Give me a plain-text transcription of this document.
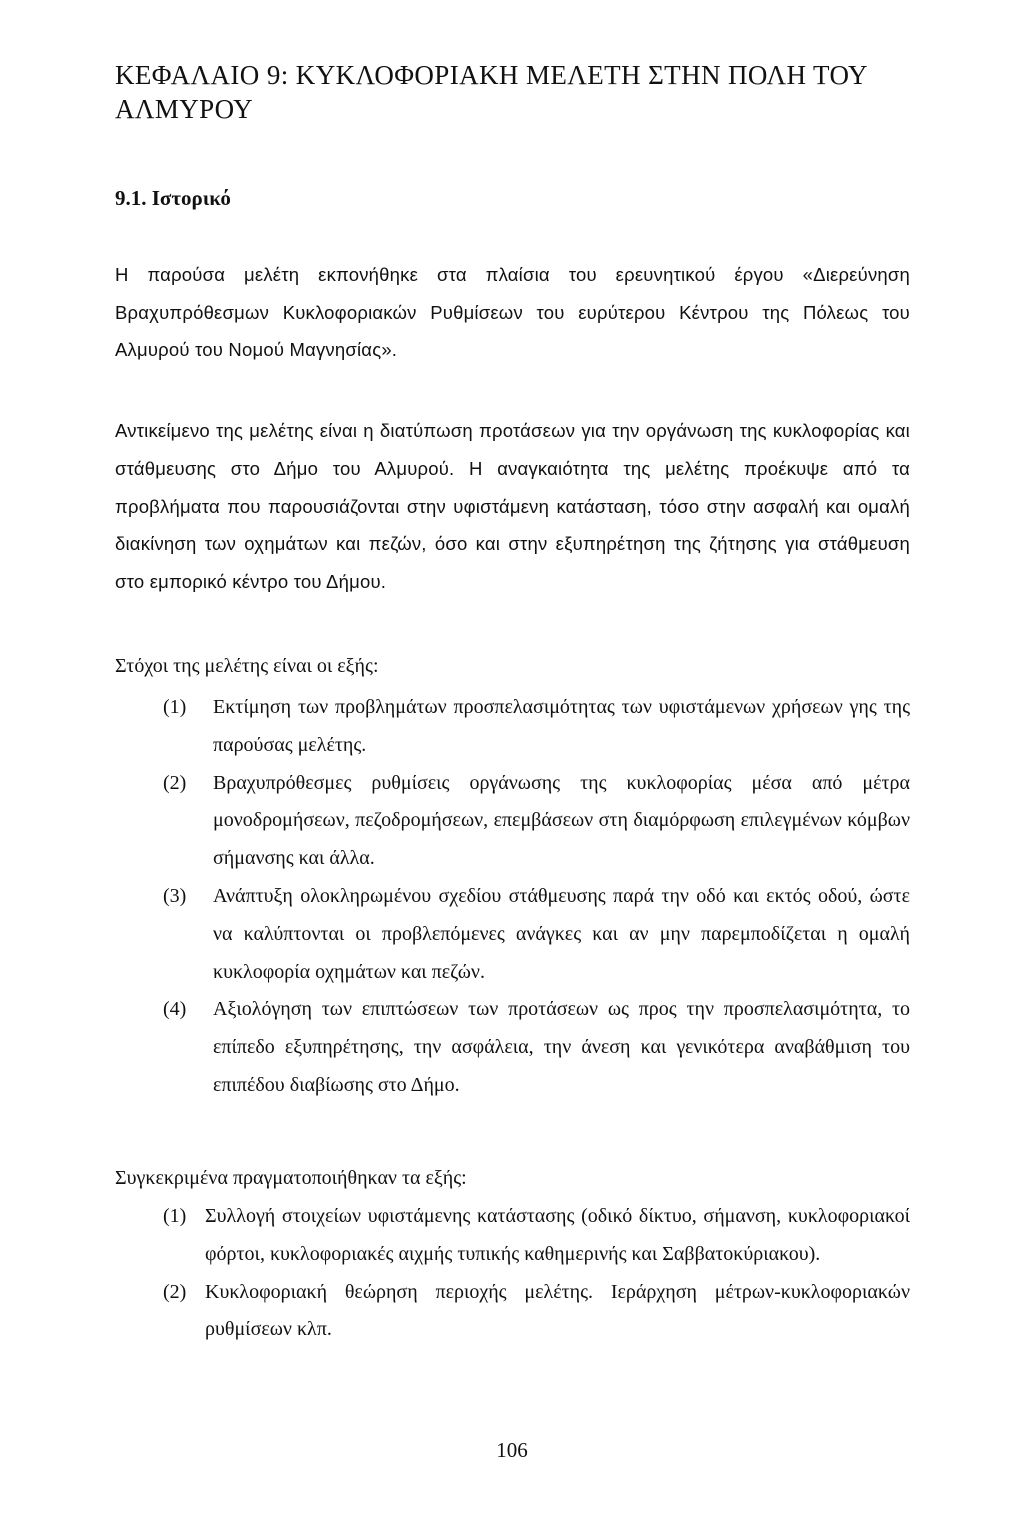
ΚΕΦΑΛΑΙΟ 9: ΚΥΚΛΟΦΟΡΙΑΚΗ ΜΕΛΕΤΗ ΣΤΗΝ ΠΟΛΗ ΤΟΥ ΑΛΜΥΡΟΥ
9.1. Ιστορικό

Η παρούσα μελέτη εκπονήθηκε στα πλαίσια του ερευνητικού έργου «Διερεύνηση Βραχυπρόθεσμων Κυκλοφοριακών Ρυθμίσεων του ευρύτερου Κέντρου της Πόλεως του Αλμυρού του Νομού Μαγνησίας».

Αντικείμενο της μελέτης είναι η διατύπωση προτάσεων για την οργάνωση της κυκλοφορίας και στάθμευσης στο Δήμο του Αλμυρού. Η αναγκαιότητα της μελέτης προέκυψε από τα προβλήματα που παρουσιάζονται στην υφιστάμενη κατάσταση, τόσο στην ασφαλή και ομαλή διακίνηση των οχημάτων και πεζών, όσο και στην εξυπηρέτηση της ζήτησης για στάθμευση στο εμπορικό κέντρο του Δήμου.

Στόχοι της μελέτης είναι οι εξής:

(1) Εκτίμηση των προβλημάτων προσπελασιμότητας των υφιστάμενων χρήσεων γης της παρούσας μελέτης.
(2) Βραχυπρόθεσμες ρυθμίσεις οργάνωσης της κυκλοφορίας μέσα από μέτρα μονοδρομήσεων, πεζοδρομήσεων, επεμβάσεων στη διαμόρφωση επιλεγμένων κόμβων σήμανσης και άλλα.
(3) Ανάπτυξη ολοκληρωμένου σχεδίου στάθμευσης παρά την οδό και εκτός οδού, ώστε να καλύπτονται οι προβλεπόμενες ανάγκες και αν μην παρεμποδίζεται η ομαλή κυκλοφορία οχημάτων και πεζών.
(4) Αξιολόγηση των επιπτώσεων των προτάσεων ως προς την προσπελασιμότητα, το επίπεδο εξυπηρέτησης, την ασφάλεια, την άνεση και γενικότερα αναβάθμιση του επιπέδου διαβίωσης στο Δήμο.

Συγκεκριμένα πραγματοποιήθηκαν τα εξής:

(1) Συλλογή στοιχείων υφιστάμενης κατάστασης (οδικό δίκτυο, σήμανση, κυκλοφοριακοί φόρτοι, κυκλοφοριακές αιχμής τυπικής καθημερινής και Σαββατοκύριακου).
(2) Κυκλοφοριακή θεώρηση περιοχής μελέτης. Ιεράρχηση μέτρων-κυκλοφοριακών ρυθμίσεων κλπ.

106
